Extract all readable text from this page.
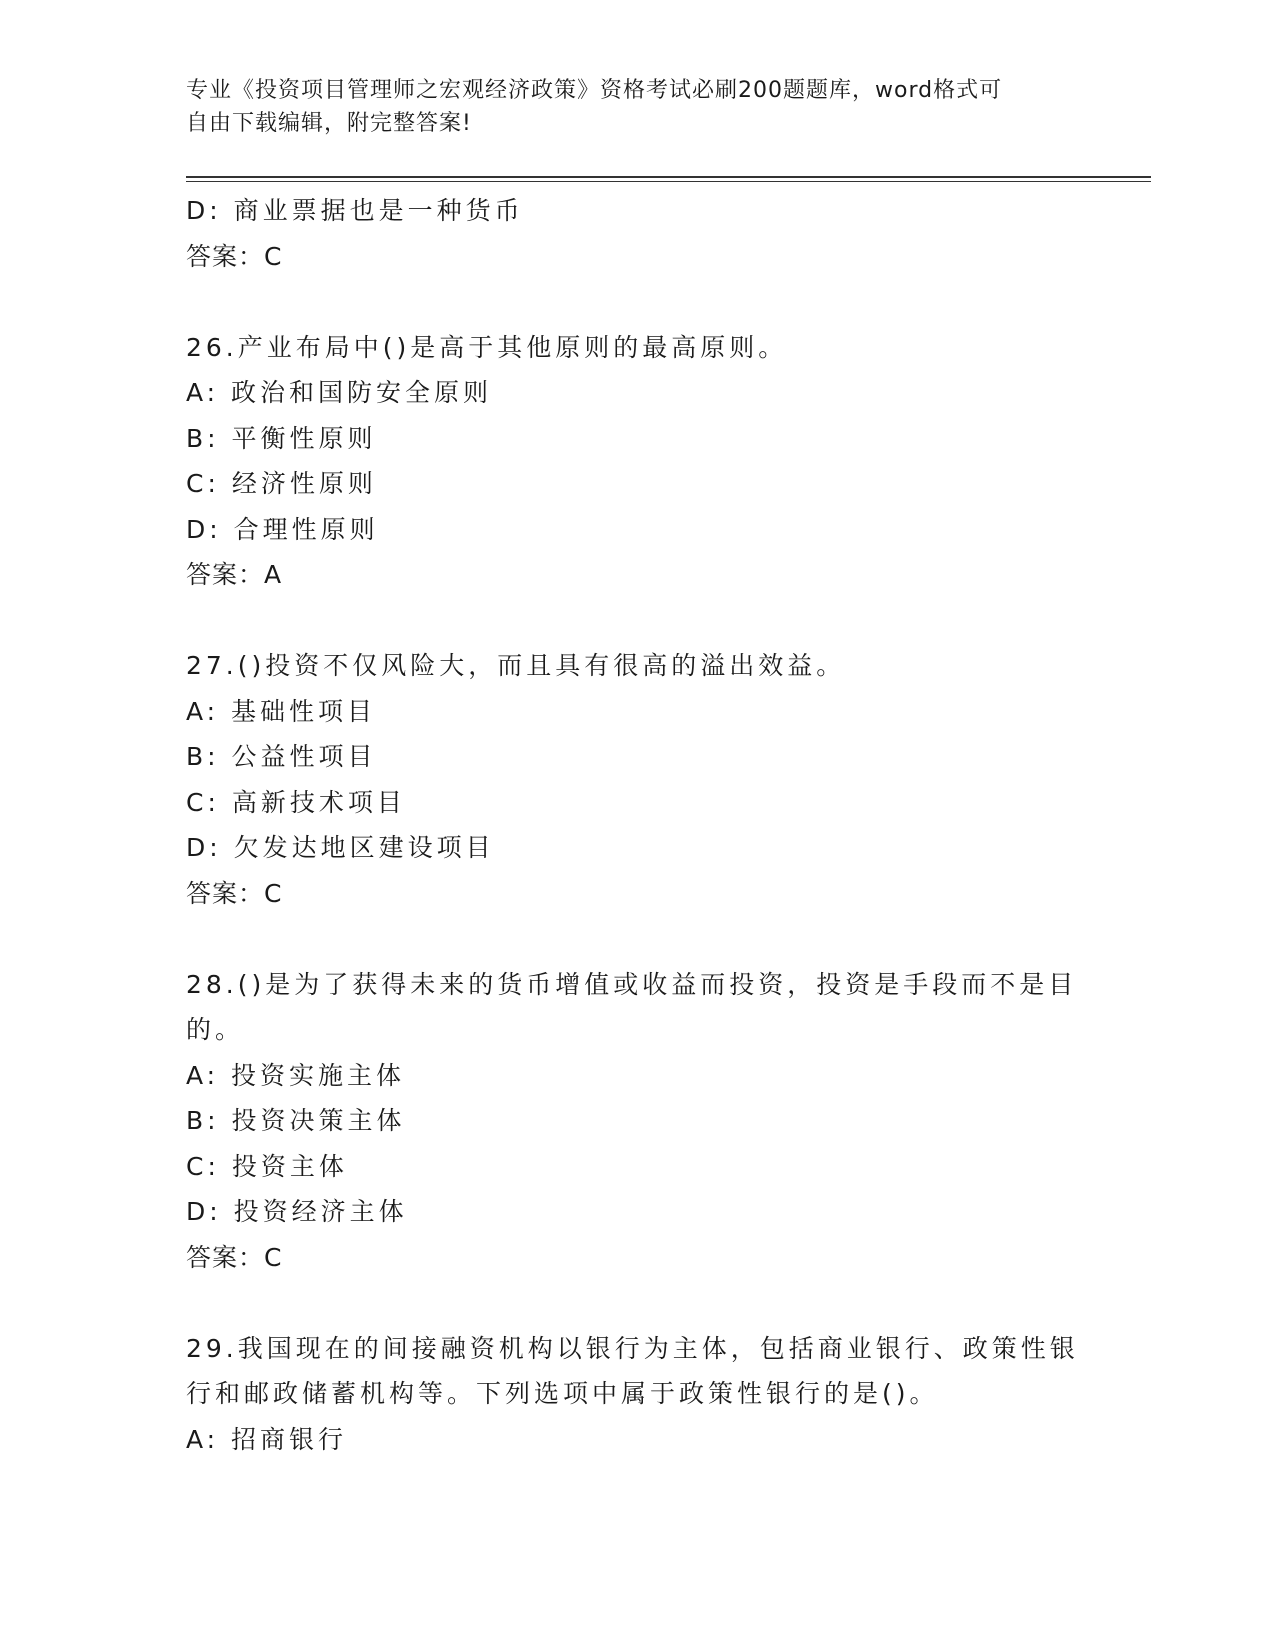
专业《投资项目管理师之宏观经济政策》资格考试必刷200题题库，word格式可
自由下载编辑，附完整答案!
D: 商业票据也是一种货币
答案：C
26.产业布局中()是高于其他原则的最高原则。
A: 政治和国防安全原则
B: 平衡性原则
C: 经济性原则
D: 合理性原则
答案：A
27.()投资不仅风险大，而且具有很高的溢出效益。
A: 基础性项目
B: 公益性项目
C: 高新技术项目
D: 欠发达地区建设项目
答案：C
28.()是为了获得未来的货币增值或收益而投资，投资是手段而不是目
的。
A: 投资实施主体
B: 投资决策主体
C: 投资主体
D: 投资经济主体
答案：C
29.我国现在的间接融资机构以银行为主体，包括商业银行、政策性银
行和邮政储蓄机构等。下列选项中属于政策性银行的是()。
A: 招商银行
